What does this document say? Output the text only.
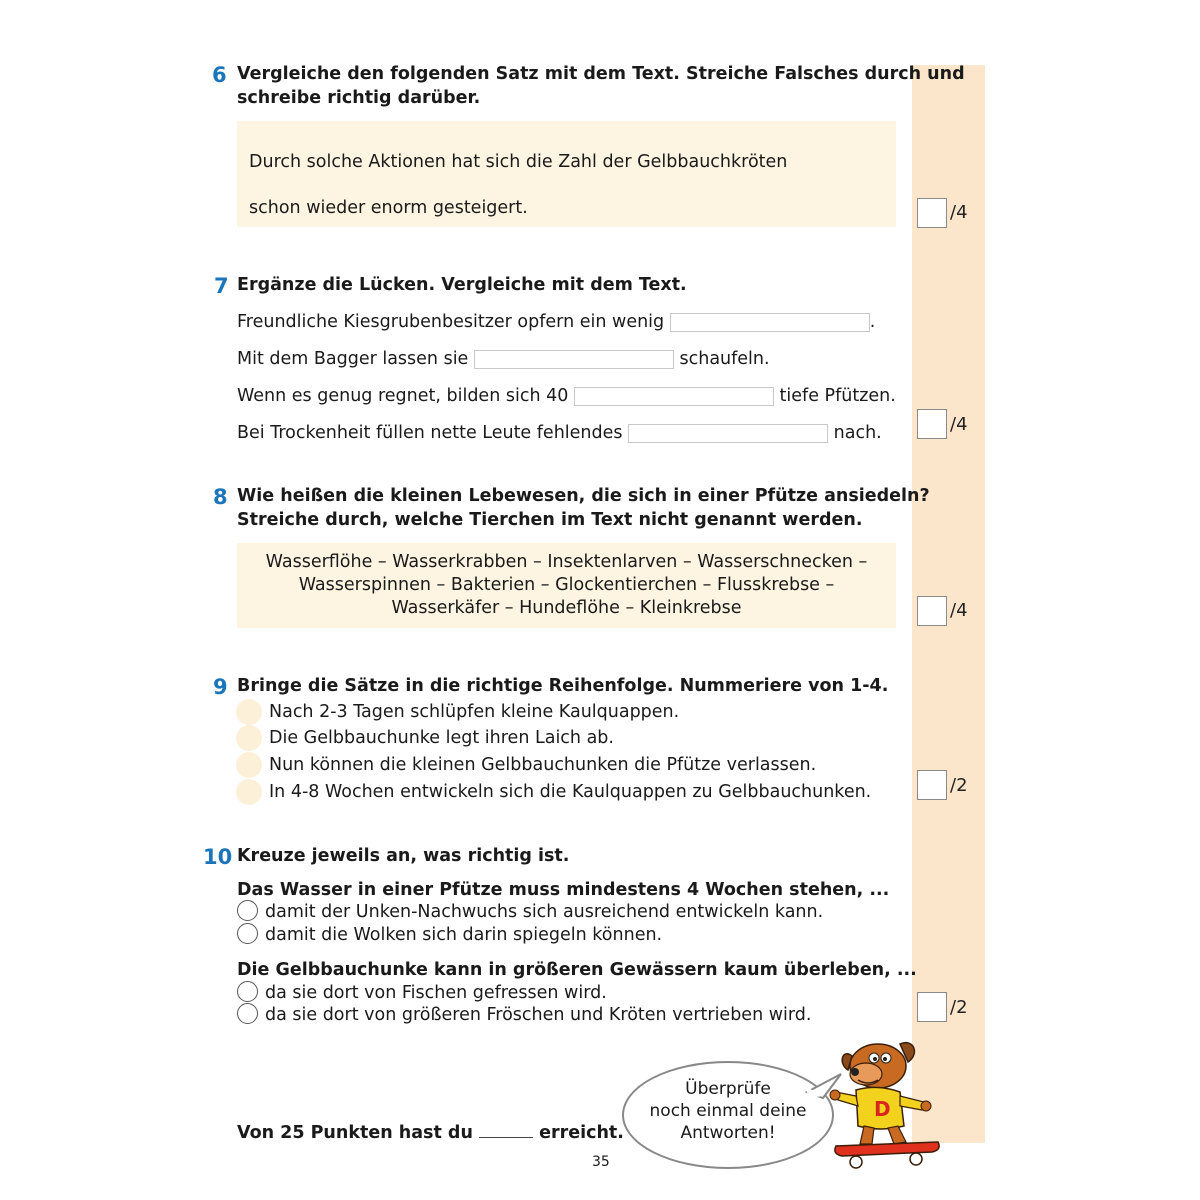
6 Vergleiche den folgenden Satz mit dem Text. Streiche Falsches durch und
schreibe richtig darüber.
Durch solche Aktionen hat sich die Zahl der Gelbbauchkröten
schon wieder enorm gesteigert.	/4
7 Ergänze die Lücken. Vergleiche mit dem Text.
Freundliche Kiesgrubenbesitzer opfern ein wenig	.
Mit dem Bagger lassen sie	schaufeln.
Wenn es genug regnet, bilden sich 40	tiefe Pfützen.
Bei Trockenheit füllen nette Leute fehlendes	nach.	/4
8 Wie heißen die kleinen Lebewesen, die sich in einer Pfütze ansiedeln?
Streiche durch, welche Tierchen im Text nicht genannt werden.
Wasserflöhe – Wasserkrabben – Insektenlarven – Wasserschnecken –
Wasserspinnen – Bakterien – Glockentierchen – Flusskrebse –
Wasserkäfer – Hundeflöhe – Kleinkrebse	/4
9 Bringe die Sätze in die richtige Reihenfolge. Nummeriere von 1-4.
Nach 2-3 Tagen schlüpfen kleine Kaulquappen.
Die Gelbbauchunke legt ihren Laich ab.
Nun können die kleinen Gelbbauchunken die Pfütze verlassen.
In 4-8 Wochen entwickeln sich die Kaulquappen zu Gelbbauchunken.	/2
10 Kreuze jeweils an, was richtig ist.
Das Wasser in einer Pfütze muss mindestens 4 Wochen stehen, ...
damit der Unken-Nachwuchs sich ausreichend entwickeln kann.
damit die Wolken sich darin spiegeln können.
Die Gelbbauchunke kann in größeren Gewässern kaum überleben, ...
da sie dort von Fischen gefressen wird.
da sie dort von größeren Fröschen und Kröten vertrieben wird.	/2
Von 25 Punkten hast du	erreicht.
35
Überprüfe
noch einmal deine
Antworten!
D
